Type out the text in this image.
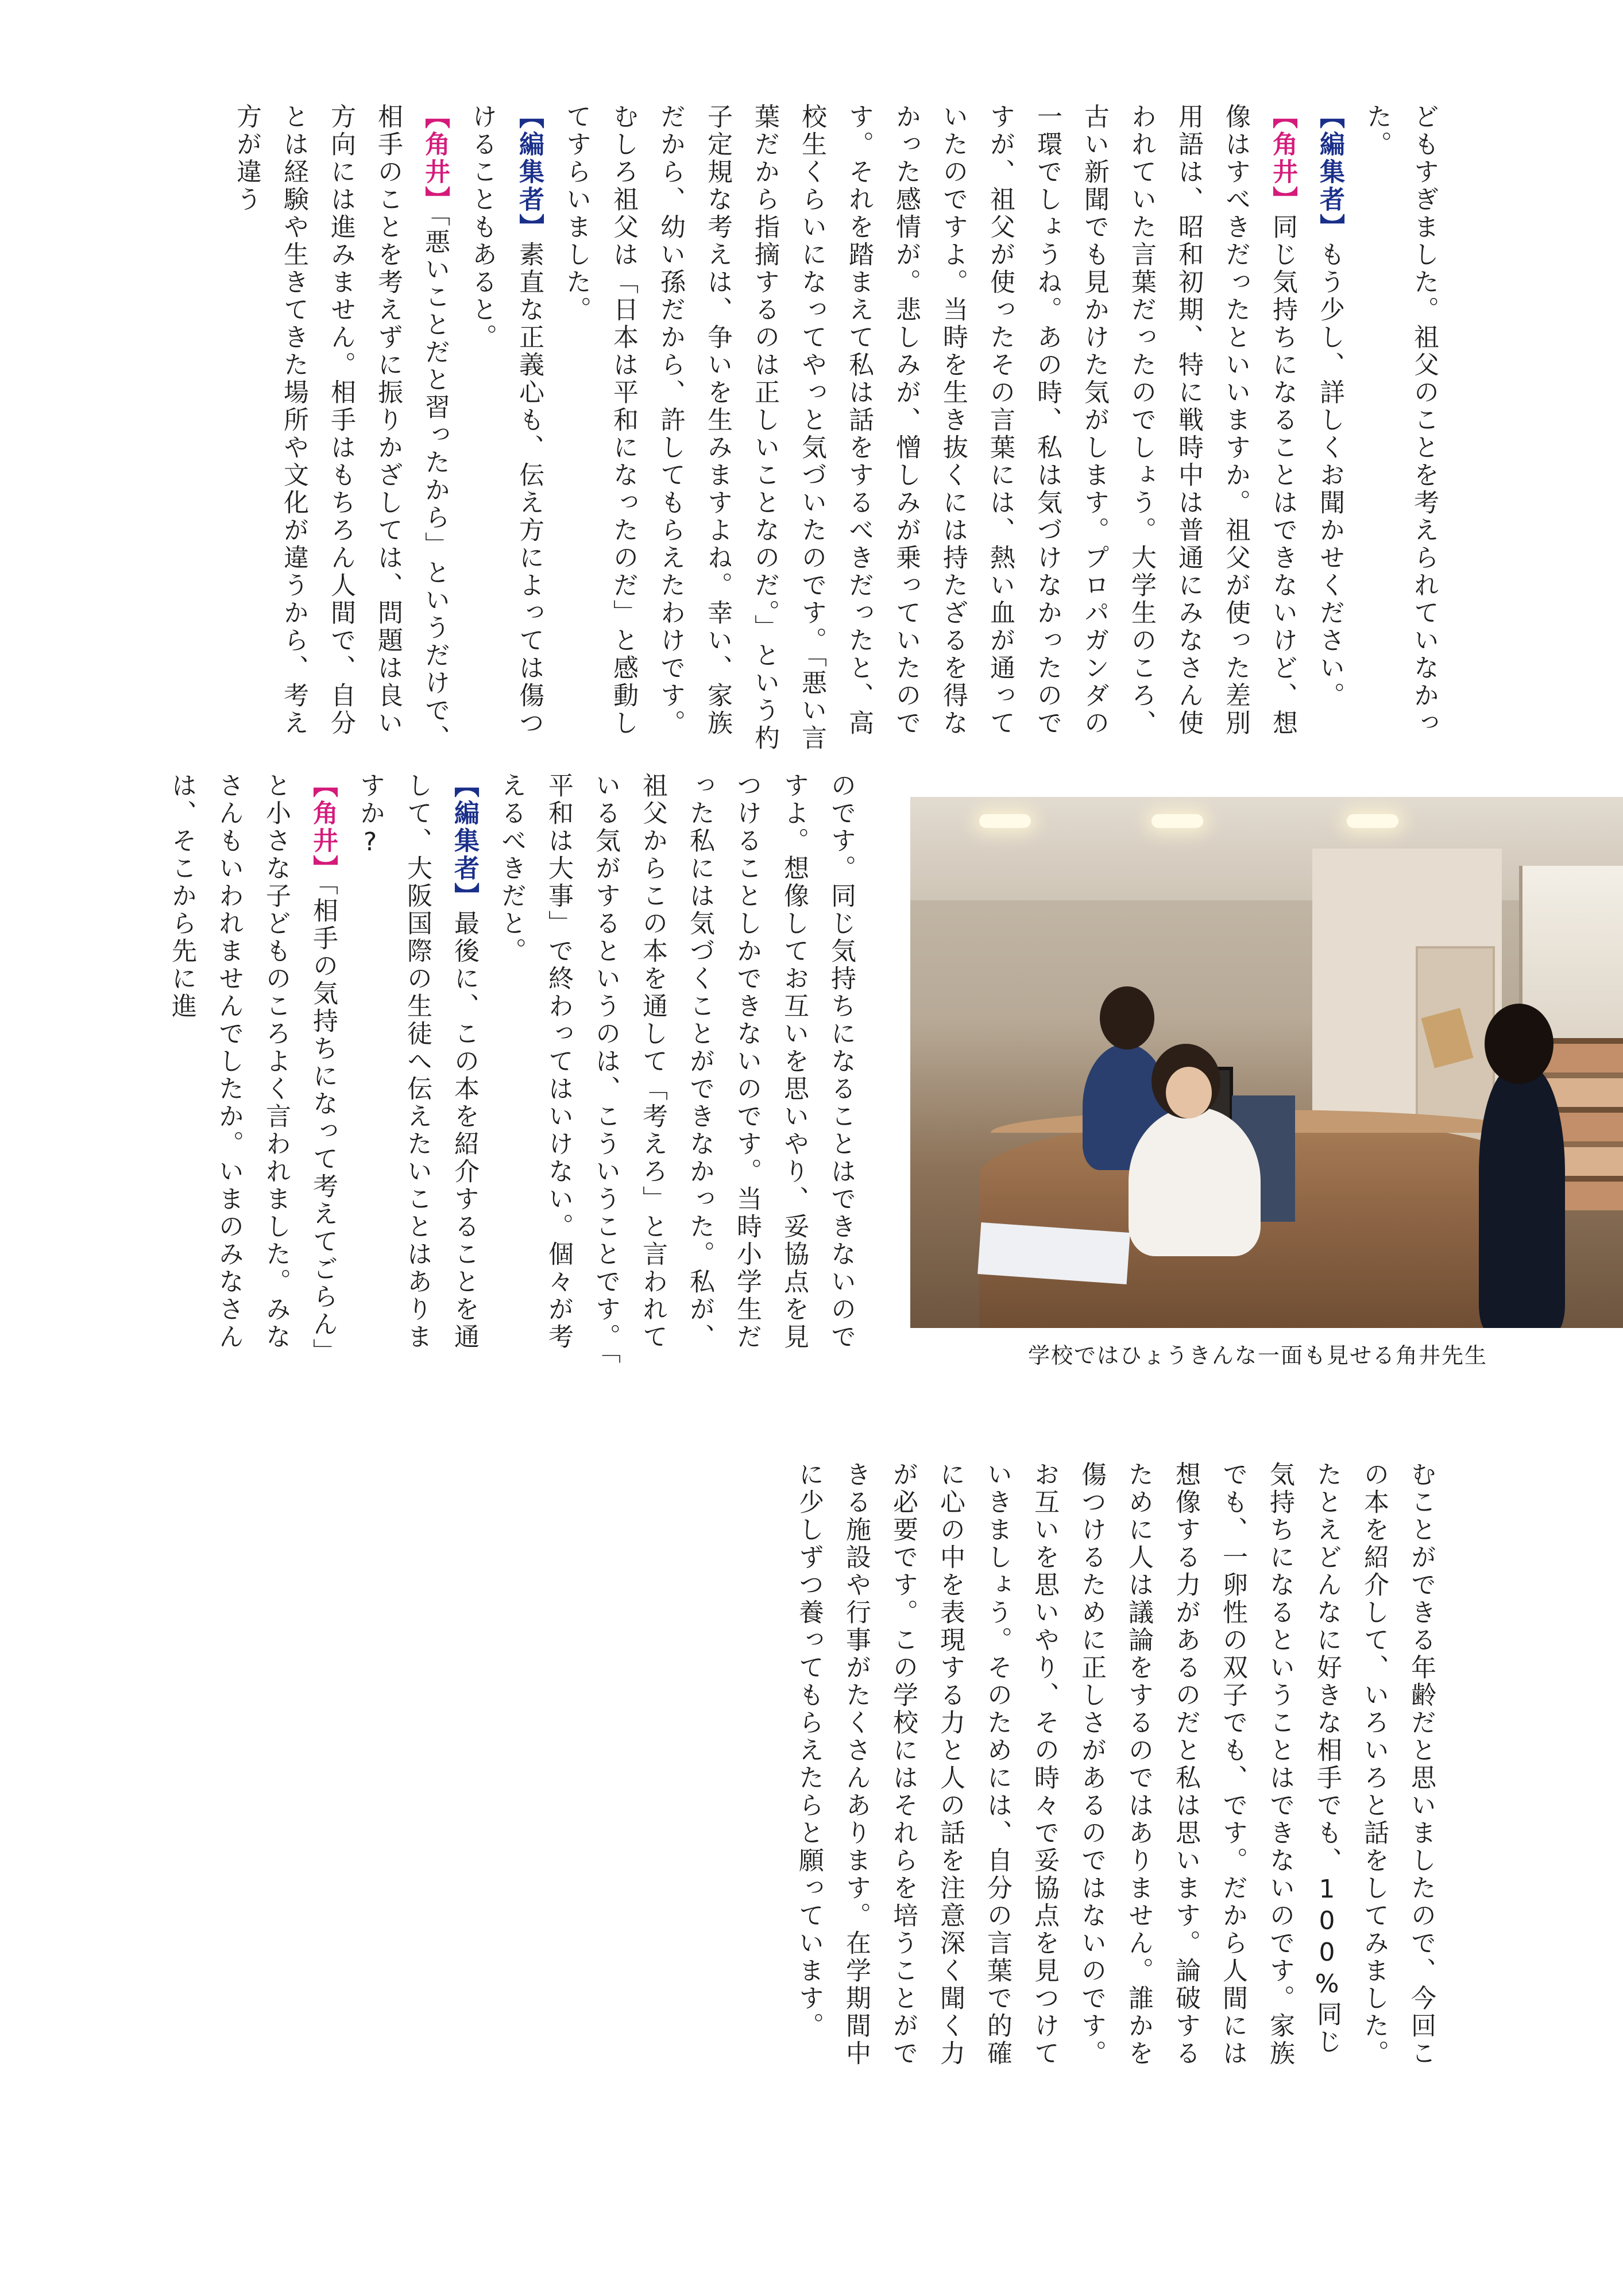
どもすぎました。祖父のことを考えられていなかった。

【編集者】もう少し、詳しくお聞かせください。

【角井】同じ気持ちになることはできないけど、想像はすべきだったといいますか。祖父が使った差別用語は、昭和初期、特に戦時中は普通にみなさん使われていた言葉だったのでしょう。大学生のころ、古い新聞でも見かけた気がします。プロパガンダの一環でしょうね。あの時、私は気づけなかったのですが、祖父が使ったその言葉には、熱い血が通っていたのですよ。当時を生き抜くには持たざるを得なかった感情が。悲しみが、憎しみが乗っていたのです。それを踏まえて私は話をするべきだったと、高校生くらいになってやっと気づいたのです。「悪い言葉だから指摘するのは正しいことなのだ。」という杓子定規な考えは、争いを生みますよね。幸い、家族だから、幼い孫だから、許してもらえたわけです。むしろ祖父は「日本は平和になったのだ」と感動してすらいました。

【編集者】素直な正義心も、伝え方によっては傷つけることもあると。

【角井】「悪いことだと習ったから」というだけで、相手のことを考えずに振りかざしては、問題は良い方向には進みません。相手はもちろん人間で、自分とは経験や生きてきた場所や文化が違うから、考え方が違う

のです。同じ気持ちになることはできないのですよ。想像してお互いを思いやり、妥協点を見つけることしかできないのです。当時小学生だった私には気づくことができなかった。私が、祖父からこの本を通して「考えろ」と言われている気がするというのは、こういうことです。「平和は大事」で終わってはいけない。個々が考えるべきだと。

【編集者】最後に、この本を紹介することを通して、大阪国際の生徒へ伝えたいことはありますか?

【角井】「相手の気持ちになって考えてごらん」と小さな子どものころよく言われました。みなさんもいわれませんでしたか。いまのみなさんは、そこから先に進

学校ではひょうきんな一面も見せる角井先生

むことができる年齢だと思いましたので、今回この本を紹介して、いろいろと話をしてみました。たとえどんなに好きな相手でも、100%同じ気持ちになるということはできないのです。家族でも、一卵性の双子でも、です。だから人間には想像する力があるのだと私は思います。論破するために人は議論をするのではありません。誰かを傷つけるために正しさがあるのではないのです。お互いを思いやり、その時々で妥協点を見つけていきましょう。そのためには、自分の言葉で的確に心の中を表現する力と人の話を注意深く聞く力が必要です。この学校にはそれらを培うことができる施設や行事がたくさんあります。在学期間中に少しずつ養ってもらえたらと願っています。
